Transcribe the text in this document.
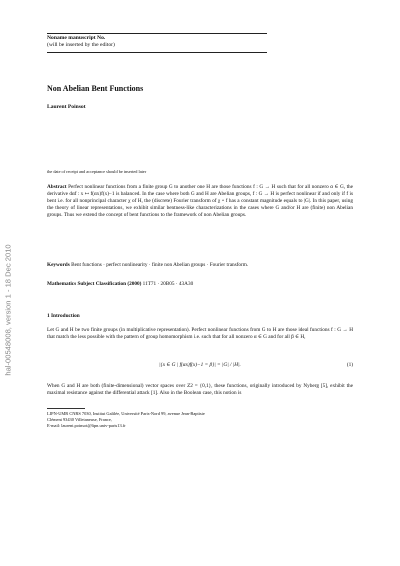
hal-00548008, version 1 - 18 Dec 2010
Noname manuscript No.
(will be inserted by the editor)
Non Abelian Bent Functions
Laurent Poinsot
the date of receipt and acceptance should be inserted later
Abstract Perfect nonlinear functions from a finite group G to another one H are those functions f : G → H such that for all nonzero α ∈ G, the derivative dαf : x ↦ f(αx)f(x)−1 is balanced. In the case where both G and H are Abelian groups, f : G → H is perfect nonlinear if and only if f is bent i.e. for all nonprincipal character χ of H, the (discrete) Fourier transform of χ ∘ f has a constant magnitude equals to |G|. In this paper, using the theory of linear representations, we exhibit similar bentness-like characterizations in the cases where G and/or H are (finite) non Abelian groups. Thus we extend the concept of bent functions to the framework of non Abelian groups.
Keywords Bent functions · perfect nonlinearity · finite non Abelian groups · Fourier transform.
Mathematics Subject Classification (2000) 11T71 · 20B05 · 43A30
1 Introduction
Let G and H be two finite groups (in multiplicative representation). Perfect nonlinear functions from G to H are those ideal functions f : G → H that match the less possible with the pattern of group homomorphism i.e. such that for all nonzero α ∈ G and for all β ∈ H,
|{x ∈ G | f(αx)f(x)−1 = β}| = |G| / |H|.	(1)
When G and H are both (finite-dimensional) vector spaces over Z2 = {0,1}, these functions, originally introduced by Nyberg [5], exhibit the maximal resistance against the differential attack [1]. Also in the Boolean case, this notion is
LIPN-UMR CNRS 7030, Institut Galilée, Université Paris-Nord 99, avenue Jean-Baptiste
Clément 93430 Villetaneuse, France,
E-mail: laurent.poinsot@lipn.univ-paris13.fr
